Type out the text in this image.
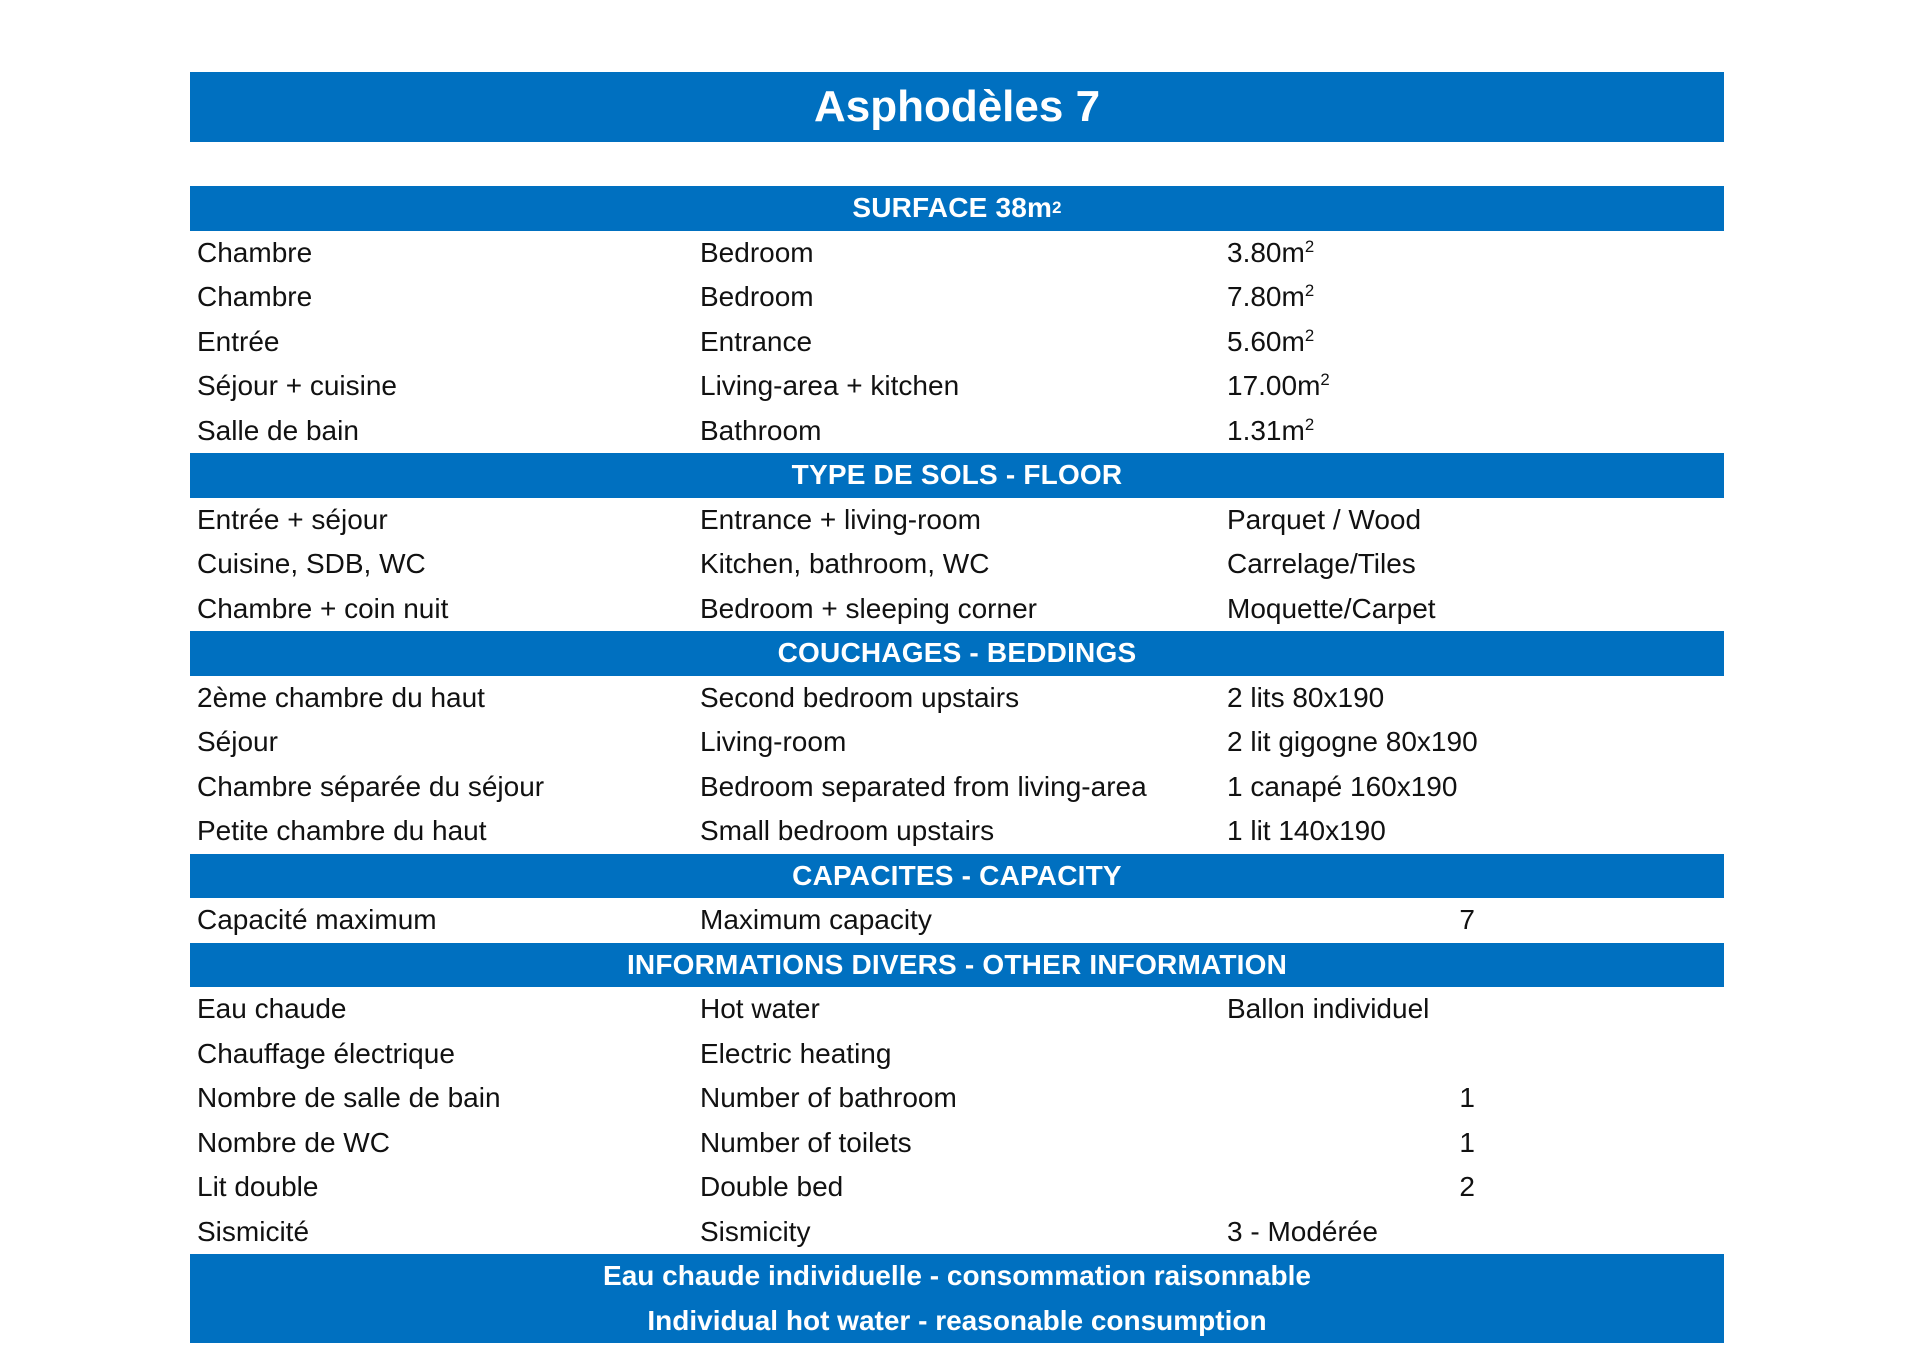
Asphodèles 7
SURFACE 38m 2
Chambre	Bedroom	$3.80m^2$
Chambre	Bedroom	$7.80m^2$
Entrée	Entrance	$5.60m^2$
Séjour + cuisine	Living-area + kitchen	$17.00m^2$
Salle de bain	Bathroom	$1.31m^2$
TYPE DE SOLS - FLOOR
Entrée + séjour	Entrance + living-room	Parquet / Wood
Cuisine, SDB, WC	Kitchen, bathroom, WC	Carrelage/Tiles
Chambre + coin nuit	Bedroom + sleeping corner	Moquette/Carpet
COUCHAGES - BEDDINGS
2ème chambre du haut	Second bedroom upstairs	2 lits 80x190
Séjour	Living-room	2 lit gigogne 80x190
Chambre séparée du séjour	Bedroom separated from living-area	1 canapé 160x190
Petite chambre du haut	Small bedroom upstairs	1 lit 140x190
CAPACITES - CAPACITY
Capacité maximum	Maximum capacity	7
INFORMATIONS DIVERS - OTHER INFORMATION
Eau chaude	Hot water	Ballon individuel
Chauffage électrique	Electric heating
Nombre de salle de bain	Number of bathroom	1
Nombre de WC	Number of toilets	1
Lit double	Double bed	2
Sismicité	Sismicity	3 - Modérée
Eau chaude individuelle - consommation raisonnable
Individual hot water - reasonable consumption
